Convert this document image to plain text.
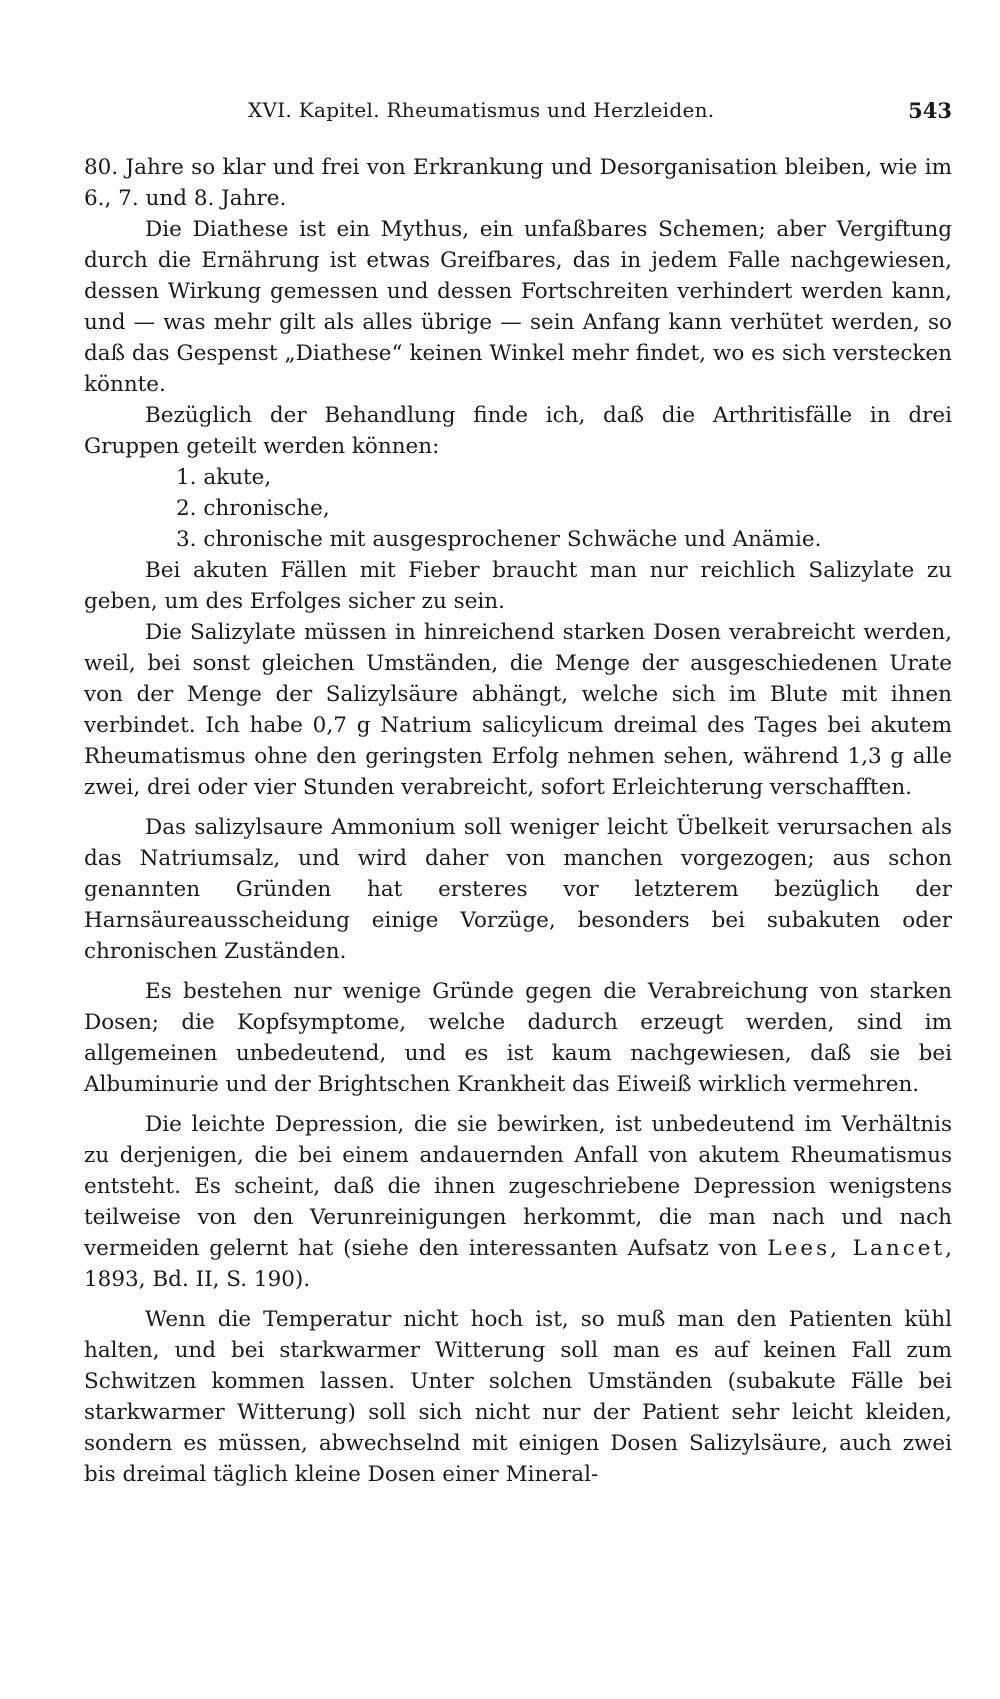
XVI. Kapitel. Rheumatismus und Herzleiden.	543

80. Jahre so klar und frei von Erkrankung und Desorganisation bleiben, wie im 6., 7. und 8. Jahre.

Die Diathese ist ein Mythus, ein unfaßbares Schemen; aber Vergiftung durch die Ernährung ist etwas Greifbares, das in jedem Falle nachgewiesen, dessen Wirkung gemessen und dessen Fortschreiten verhindert werden kann, und — was mehr gilt als alles übrige — sein Anfang kann verhütet werden, so daß das Gespenst „Diathese“ keinen Winkel mehr findet, wo es sich verstecken könnte.

Bezüglich der Behandlung finde ich, daß die Arthritisfälle in drei Gruppen geteilt werden können:

1. akute,
2. chronische,
3. chronische mit ausgesprochener Schwäche und Anämie.

Bei akuten Fällen mit Fieber braucht man nur reichlich Salizylate zu geben, um des Erfolges sicher zu sein.

Die Salizylate müssen in hinreichend starken Dosen verabreicht werden, weil, bei sonst gleichen Umständen, die Menge der ausgeschiedenen Urate von der Menge der Salizylsäure abhängt, welche sich im Blute mit ihnen verbindet. Ich habe 0,7 g Natrium salicylicum dreimal des Tages bei akutem Rheumatismus ohne den geringsten Erfolg nehmen sehen, während 1,3 g alle zwei, drei oder vier Stunden verabreicht, sofort Erleichterung verschafften.

Das salizylsaure Ammonium soll weniger leicht Übelkeit verursachen als das Natriumsalz, und wird daher von manchen vorgezogen; aus schon genannten Gründen hat ersteres vor letzterem bezüglich der Harnsäureausscheidung einige Vorzüge, besonders bei subakuten oder chronischen Zuständen.

Es bestehen nur wenige Gründe gegen die Verabreichung von starken Dosen; die Kopfsymptome, welche dadurch erzeugt werden, sind im allgemeinen unbedeutend, und es ist kaum nachgewiesen, daß sie bei Albuminurie und der Brightschen Krankheit das Eiweiß wirklich vermehren.

Die leichte Depression, die sie bewirken, ist unbedeutend im Verhältnis zu derjenigen, die bei einem andauernden Anfall von akutem Rheumatismus entsteht. Es scheint, daß die ihnen zugeschriebene Depression wenigstens teilweise von den Verunreinigungen herkommt, die man nach und nach vermeiden gelernt hat (siehe den interessanten Aufsatz von Lees, Lancet, 1893, Bd. II, S. 190).

Wenn die Temperatur nicht hoch ist, so muß man den Patienten kühl halten, und bei starkwarmer Witterung soll man es auf keinen Fall zum Schwitzen kommen lassen. Unter solchen Umständen (subakute Fälle bei starkwarmer Witterung) soll sich nicht nur der Patient sehr leicht kleiden, sondern es müssen, abwechselnd mit einigen Dosen Salizylsäure, auch zwei bis dreimal täglich kleine Dosen einer Mineral-
